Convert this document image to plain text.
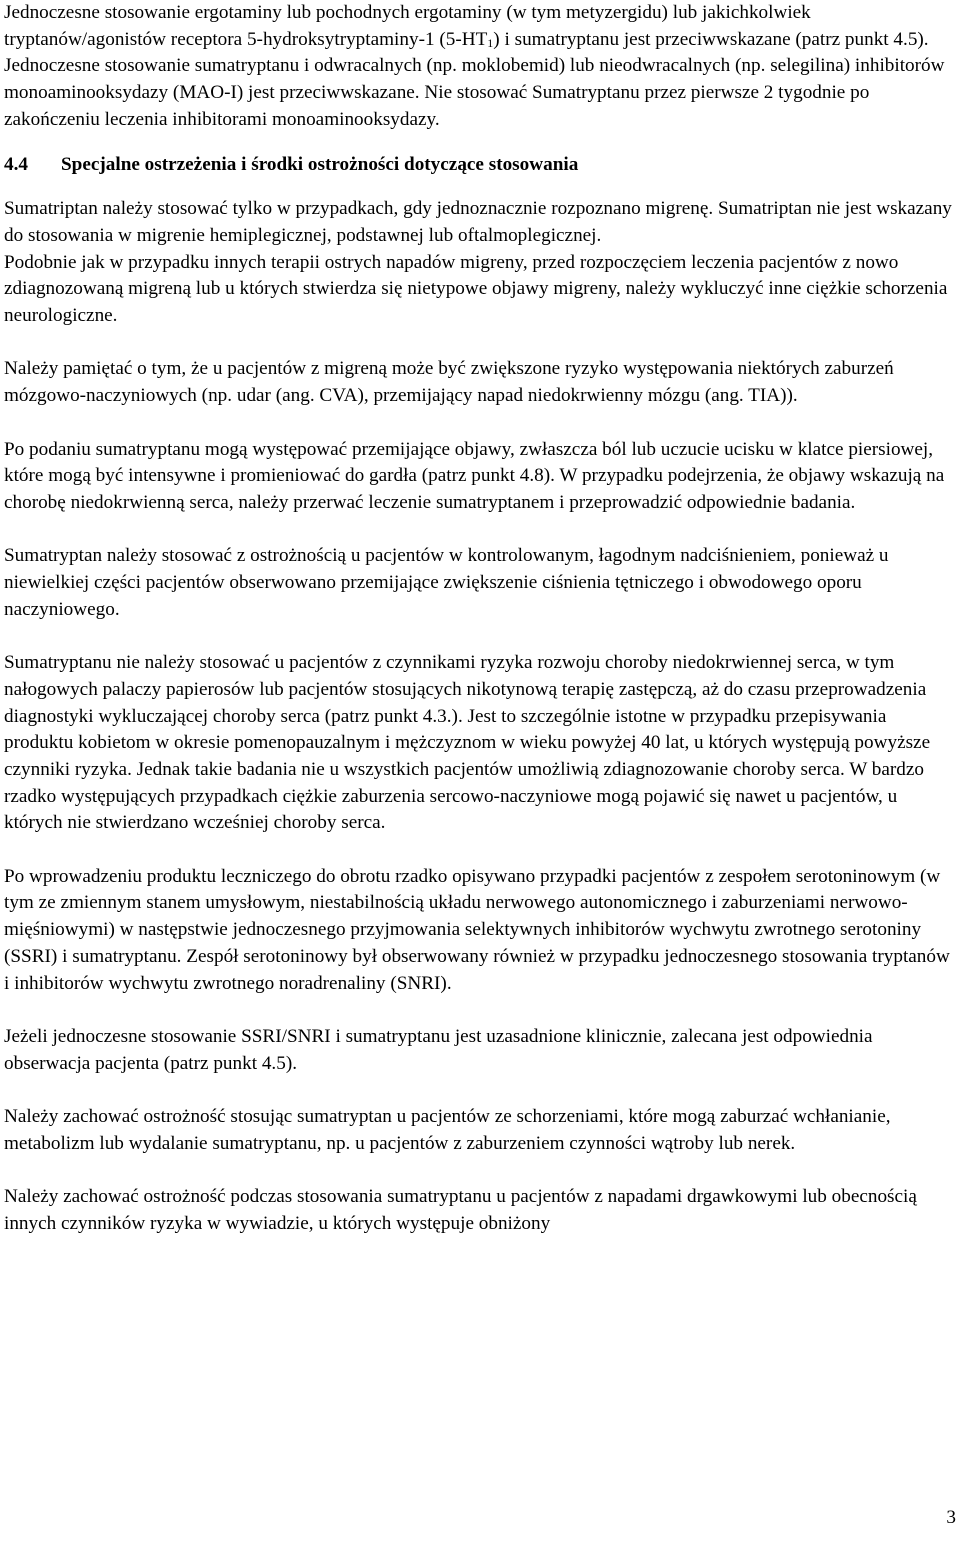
Jednoczesne stosowanie ergotaminy lub pochodnych ergotaminy (w tym metyzergidu) lub jakichkolwiek tryptanów/agonistów receptora 5-hydroksytryptaminy-1 $(5-HT_1)$ i sumatryptanu jest przeciwwskazane (patrz punkt 4.5).

Jednoczesne stosowanie sumatryptanu i odwracalnych (np. moklobemid) lub nieodwracalnych (np. selegilina) inhibitorów monoaminooksydazy (MAO-I) jest przeciwwskazane. Nie stosować Sumatryptanu przez pierwsze 2 tygodnie po zakończeniu leczenia inhibitorami monoaminooksydazy.

4.4 Specjalne ostrzeżenia i środki ostrożności dotyczące stosowania

Sumatriptan należy stosować tylko w przypadkach, gdy jednoznacznie rozpoznano migrenę. Sumatriptan nie jest wskazany do stosowania w migrenie hemiplegicznej, podstawnej lub oftalmoplegicznej.

Podobnie jak w przypadku innych terapii ostrych napadów migreny, przed rozpoczęciem leczenia pacjentów z nowo zdiagnozowaną migreną lub u których stwierdza się nietypowe objawy migreny, należy wykluczyć inne ciężkie schorzenia neurologiczne.

Należy pamiętać o tym, że u pacjentów z migreną może być zwiększone ryzyko występowania niektórych zaburzeń mózgowo-naczyniowych (np. udar (ang. CVA), przemijający napad niedokrwienny mózgu (ang. TIA)).

Po podaniu sumatryptanu mogą występować przemijające objawy, zwłaszcza ból lub uczucie ucisku w klatce piersiowej, które mogą być intensywne i promieniować do gardła (patrz punkt 4.8). W przypadku podejrzenia, że objawy wskazują na chorobę niedokrwienną serca, należy przerwać leczenie sumatryptanem i przeprowadzić odpowiednie badania.

Sumatryptan należy stosować z ostrożnością u pacjentów w kontrolowanym, łagodnym nadciśnieniem, ponieważ u niewielkiej części pacjentów obserwowano przemijające zwiększenie ciśnienia tętniczego i obwodowego oporu naczyniowego.

Sumatryptanu nie należy stosować u pacjentów z czynnikami ryzyka rozwoju choroby niedokrwiennej serca, w tym nałogowych palaczy papierosów lub pacjentów stosujących nikotynową terapię zastępczą, aż do czasu przeprowadzenia diagnostyki wykluczającej choroby serca (patrz punkt 4.3.). Jest to szczególnie istotne w przypadku przepisywania produktu kobietom w okresie pomenopauzalnym i mężczyznom w wieku powyżej 40 lat, u których występują powyższe czynniki ryzyka. Jednak takie badania nie u wszystkich pacjentów umożliwią zdiagnozowanie choroby serca. W bardzo rzadko występujących przypadkach ciężkie zaburzenia sercowo-naczyniowe mogą pojawić się nawet u pacjentów, u których nie stwierdzano wcześniej choroby serca.

Po wprowadzeniu produktu leczniczego do obrotu rzadko opisywano przypadki pacjentów z zespołem serotoninowym (w tym ze zmiennym stanem umysłowym, niestabilnością układu nerwowego autonomicznego i zaburzeniami nerwowo-mięśniowymi) w następstwie jednoczesnego przyjmowania selektywnych inhibitorów wychwytu zwrotnego serotoniny (SSRI) i sumatryptanu. Zespół serotoninowy był obserwowany również w przypadku jednoczesnego stosowania tryptanów i inhibitorów wychwytu zwrotnego noradrenaliny (SNRI).

Jeżeli jednoczesne stosowanie SSRI/SNRI i sumatryptanu jest uzasadnione klinicznie, zalecana jest odpowiednia obserwacja pacjenta (patrz punkt 4.5).

Należy zachować ostrożność stosując sumatryptan u pacjentów ze schorzeniami, które mogą zaburzać wchłanianie, metabolizm lub wydalanie sumatryptanu, np. u pacjentów z zaburzeniem czynności wątroby lub nerek.

Należy zachować ostrożność podczas stosowania sumatryptanu u pacjentów z napadami drgawkowymi lub obecnością innych czynników ryzyka w wywiadzie, u których występuje obniżony

3
